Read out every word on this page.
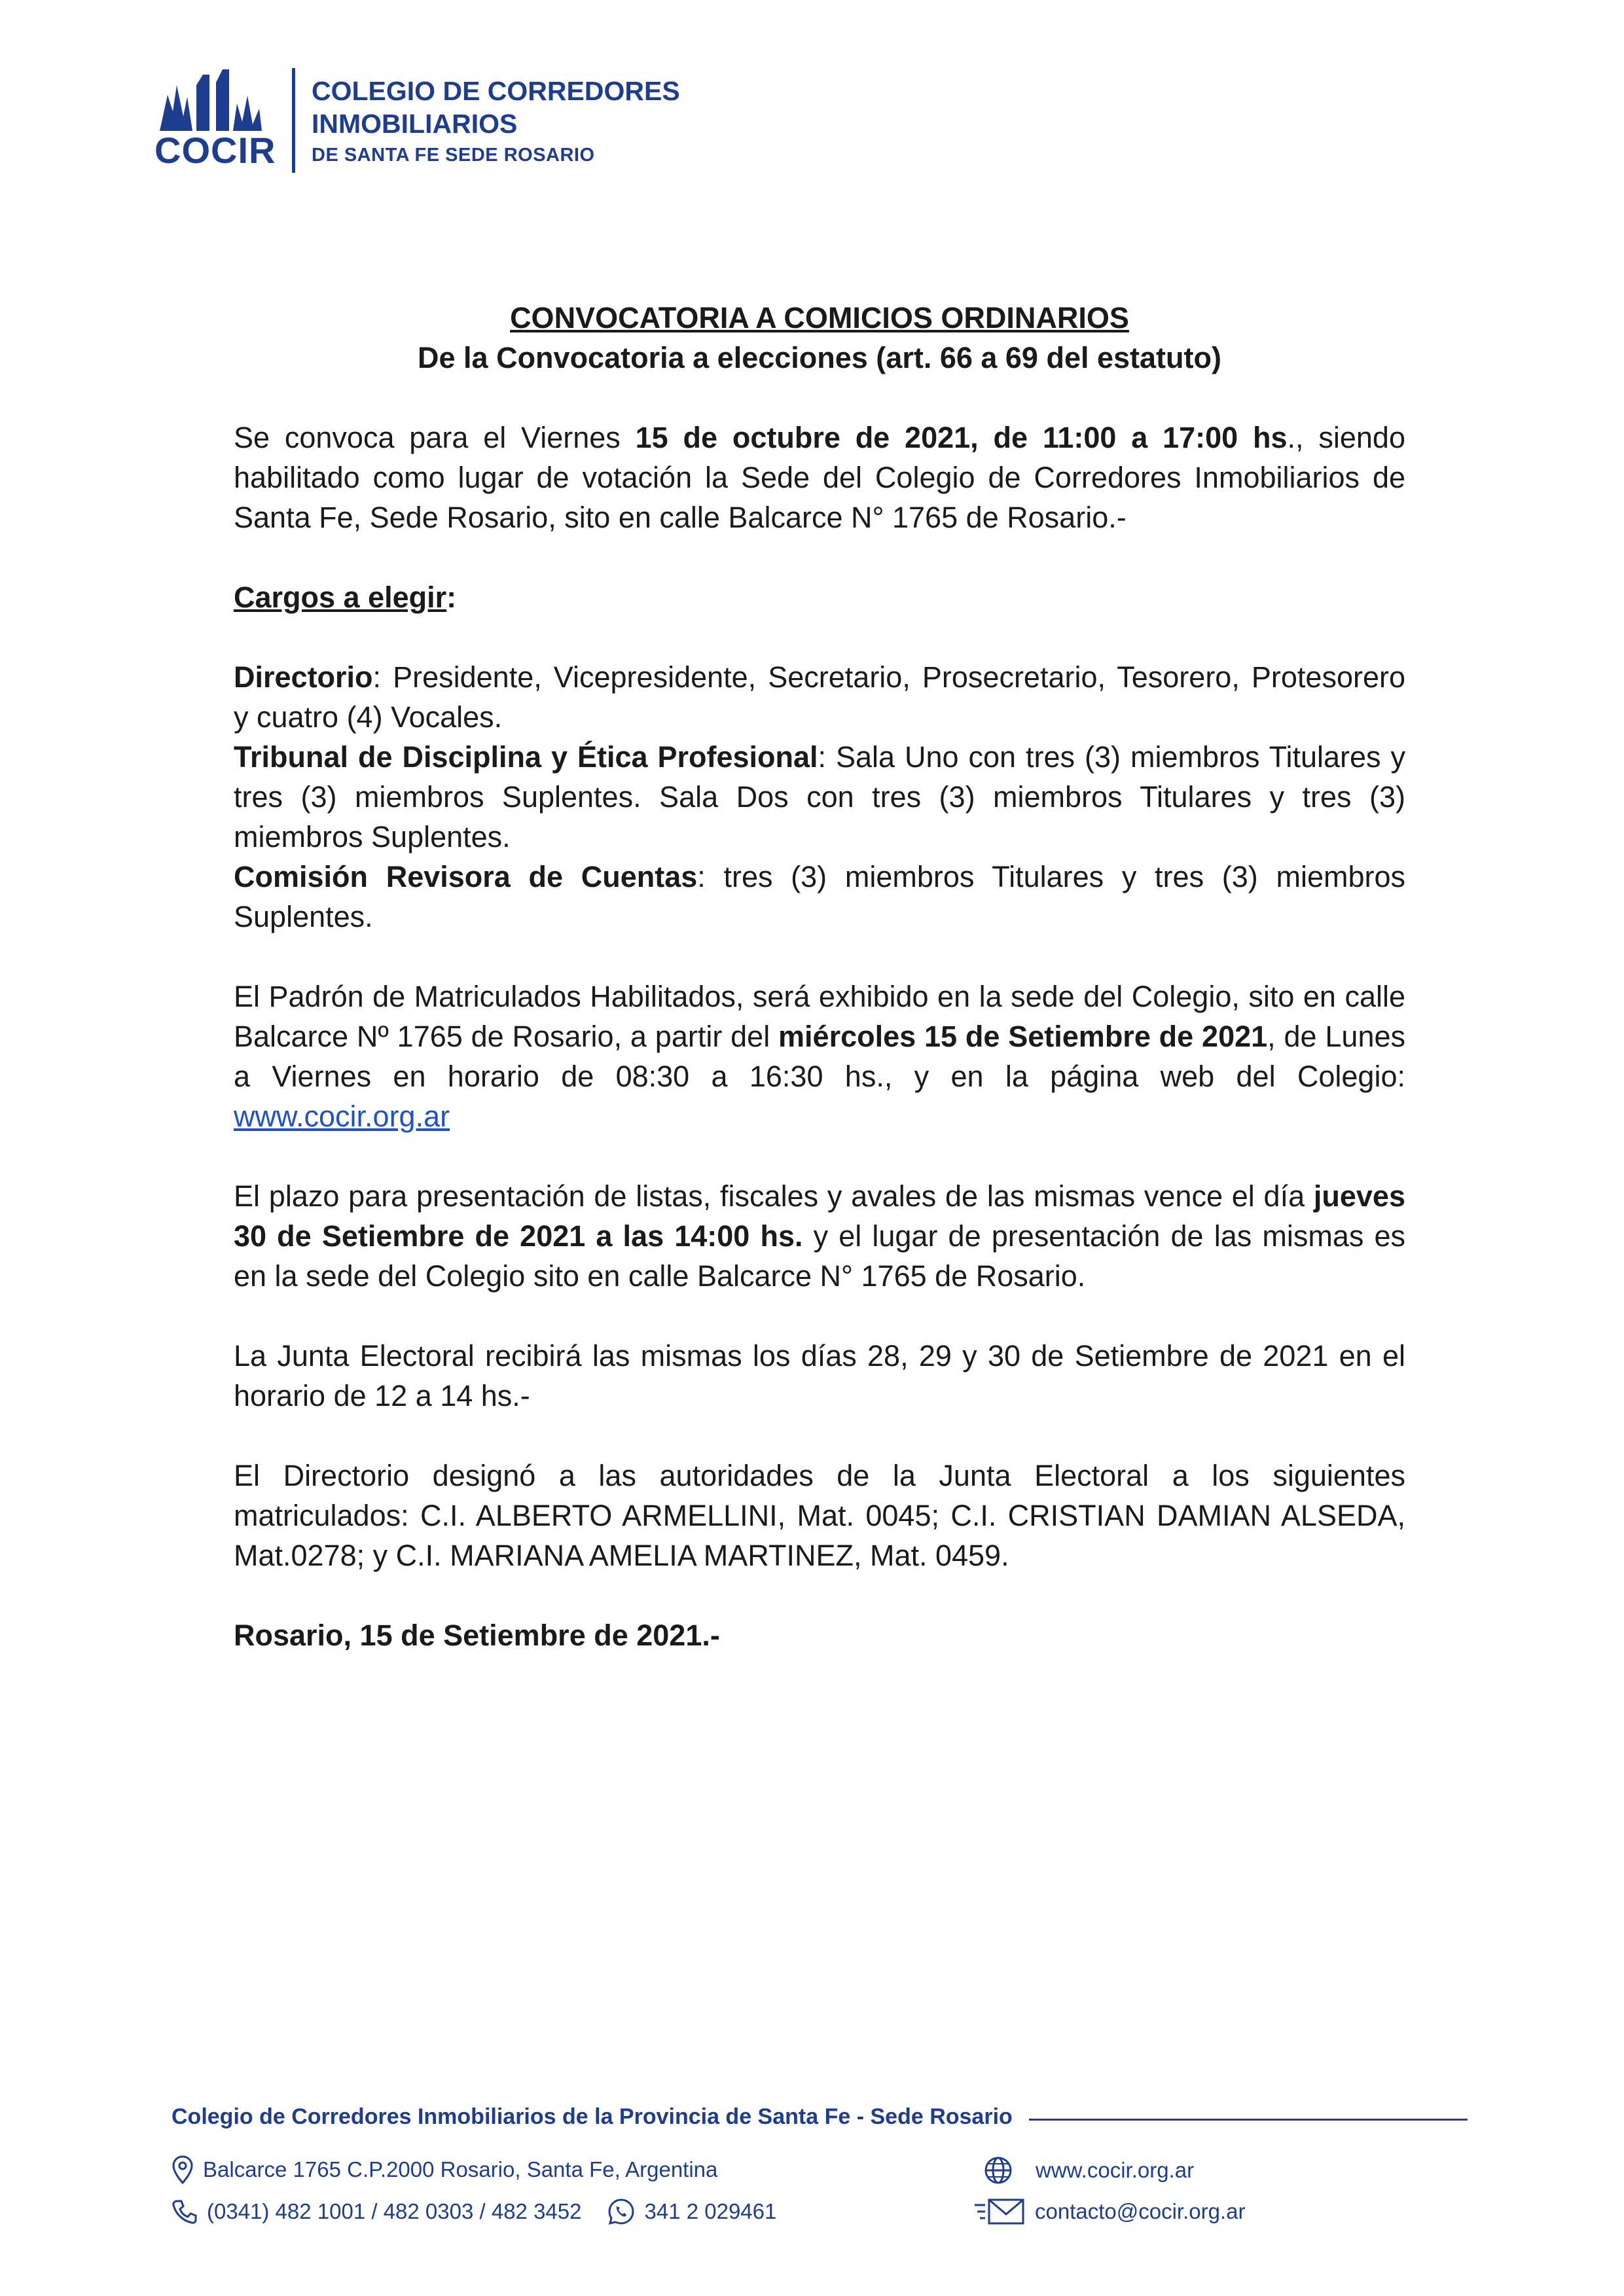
COCIR
COLEGIO DE CORREDORES
INMOBILIARIOS
DE SANTA FE SEDE ROSARIO

CONVOCATORIA A COMICIOS ORDINARIOS

De la Convocatoria a elecciones (art. 66 a 69 del estatuto)

Se convoca para el Viernes 15 de octubre de 2021, de 11:00 a 17:00 hs., siendo habilitado como lugar de votación la Sede del Colegio de Corredores Inmobiliarios de Santa Fe, Sede Rosario, sito en calle Balcarce N° 1765 de Rosario.-

Cargos a elegir:

Directorio: Presidente, Vicepresidente, Secretario, Prosecretario, Tesorero, Protesorero y cuatro (4) Vocales.

Tribunal de Disciplina y Ética Profesional: Sala Uno con tres (3) miembros Titulares y tres (3) miembros Suplentes. Sala Dos con tres (3) miembros Titulares y tres (3) miembros Suplentes.

Comisión Revisora de Cuentas: tres (3) miembros Titulares y tres (3) miembros Suplentes.

El Padrón de Matriculados Habilitados, será exhibido en la sede del Colegio, sito en calle Balcarce Nº 1765 de Rosario, a partir del miércoles 15 de Setiembre de 2021, de Lunes a Viernes en horario de 08:30 a 16:30 hs., y en la página web del Colegio: www.cocir.org.ar

El plazo para presentación de listas, fiscales y avales de las mismas vence el día jueves 30 de Setiembre de 2021 a las 14:00 hs. y el lugar de presentación de las mismas es en la sede del Colegio sito en calle Balcarce N° 1765 de Rosario.

La Junta Electoral recibirá las mismas los días 28, 29 y 30 de Setiembre de 2021 en el horario de 12 a 14 hs.-

El Directorio designó a las autoridades de la Junta Electoral a los siguientes matriculados: C.I. ALBERTO ARMELLINI, Mat. 0045; C.I. CRISTIAN DAMIAN ALSEDA, Mat.0278; y C.I. MARIANA AMELIA MARTINEZ, Mat. 0459.

Rosario, 15 de Setiembre de 2021.-

Colegio de Corredores Inmobiliarios de la Provincia de Santa Fe - Sede Rosario
Balcarce 1765 C.P.2000 Rosario, Santa Fe, Argentina
(0341) 482 1001 / 482 0303 / 482 3452	341 2 029461
www.cocir.org.ar
contacto@cocir.org.ar
